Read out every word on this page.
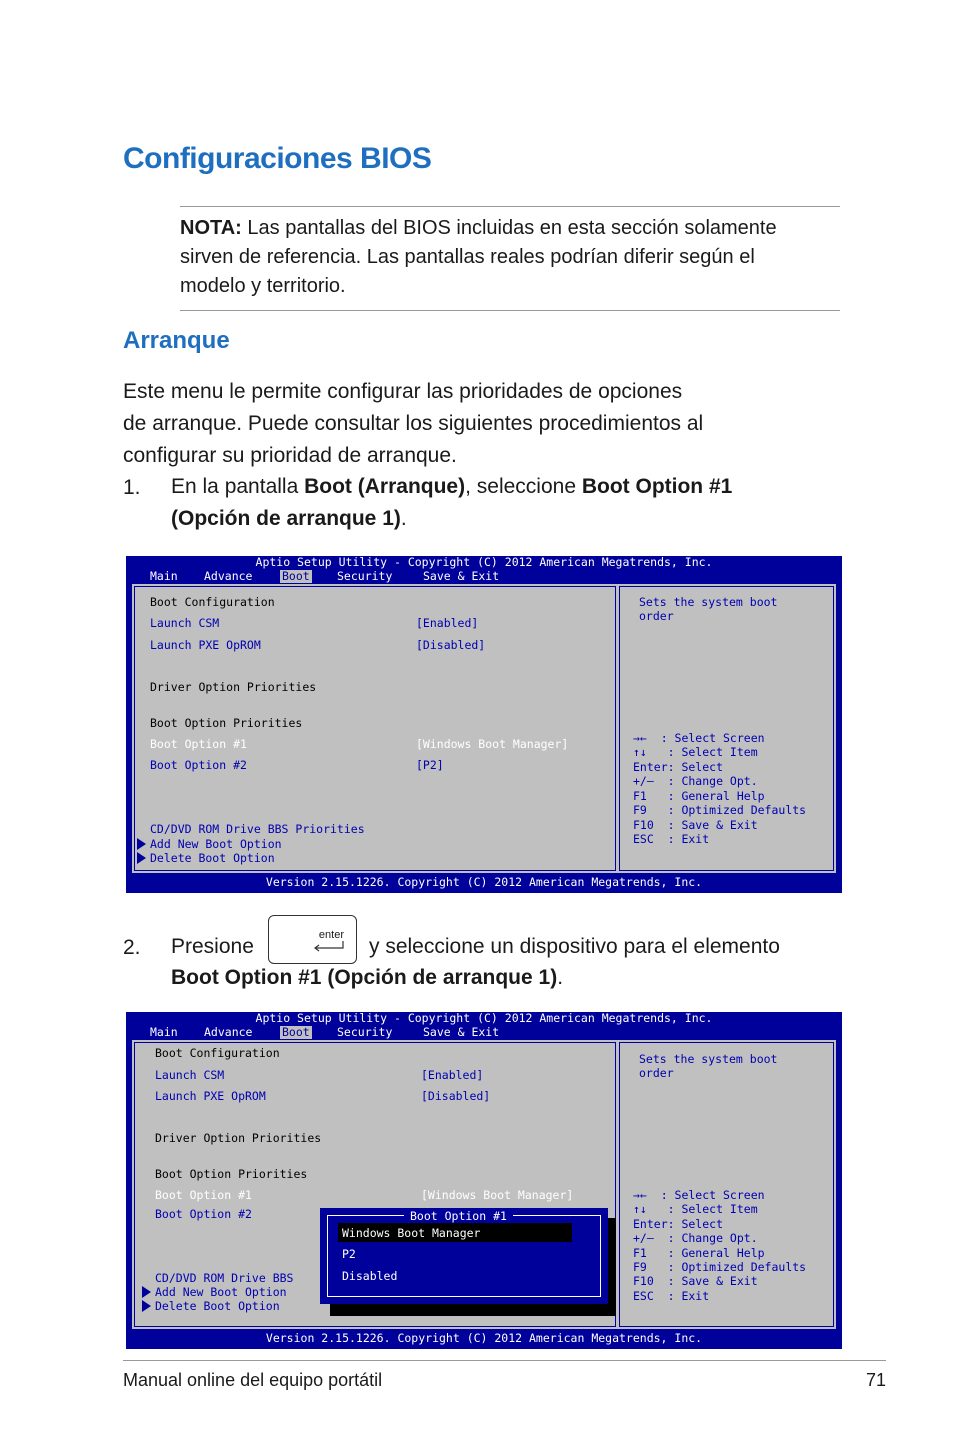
Configuraciones BIOS
NOTA: Las pantallas del BIOS incluidas en esta sección solamente
sirven de referencia. Las pantallas reales podrían diferir según el
modelo y territorio.
Arranque
Este menu le permite configurar las prioridades de opciones
de arranque. Puede consultar los siguientes procedimientos al
configurar su prioridad de arranque.
1. En la pantalla Boot (Arranque), seleccione Boot Option #1
(Opción de arranque 1).
Aptio Setup Utility - Copyright (C) 2012 American Megatrends, Inc.
Main Advance	Boot Security	Save & Exit
Boot Configuration
Launch CSM	[Enabled]
Launch PXE OpROM	[Disabled]
Driver Option Priorities
Boot Option Priorities
Boot Option #1	[Windows Boot Manager]
Boot Option #2	[P2]
CD/DVD ROM Drive BBS Priorities
Add New Boot Option
Delete Boot Option
Sets the system boot
order
→←  : Select Screen
↑↓   : Select Item
Enter: Select
+/—  : Change Opt.
F1   : General Help
F9   : Optimized Defaults
F10  : Save & Exit
ESC  : Exit
Version 2.15.1226. Copyright (C) 2012 American Megatrends, Inc.
2. Presione	enter y seleccione un dispositivo para el elemento
Boot Option #1 (Opción de arranque 1).
Aptio Setup Utility - Copyright (C) 2012 American Megatrends, Inc.
Main Advance	Boot Security	Save & Exit
Boot Configuration
Launch CSM	[Enabled]
Launch PXE OpROM	[Disabled]
Driver Option Priorities
Boot Option Priorities
Boot Option #1	[Windows Boot Manager]
Boot Option #2
CD/DVD ROM Drive BBS
Add New Boot Option
Delete Boot Option
Sets the system boot
order
→←  : Select Screen
↑↓   : Select Item
Enter: Select
+/—  : Change Opt.
F1   : General Help
F9   : Optimized Defaults
F10  : Save & Exit
ESC  : Exit
Boot Option #1
Windows Boot Manager
P2
Disabled
Version 2.15.1226. Copyright (C) 2012 American Megatrends, Inc.
Manual online del equipo portátil	71
